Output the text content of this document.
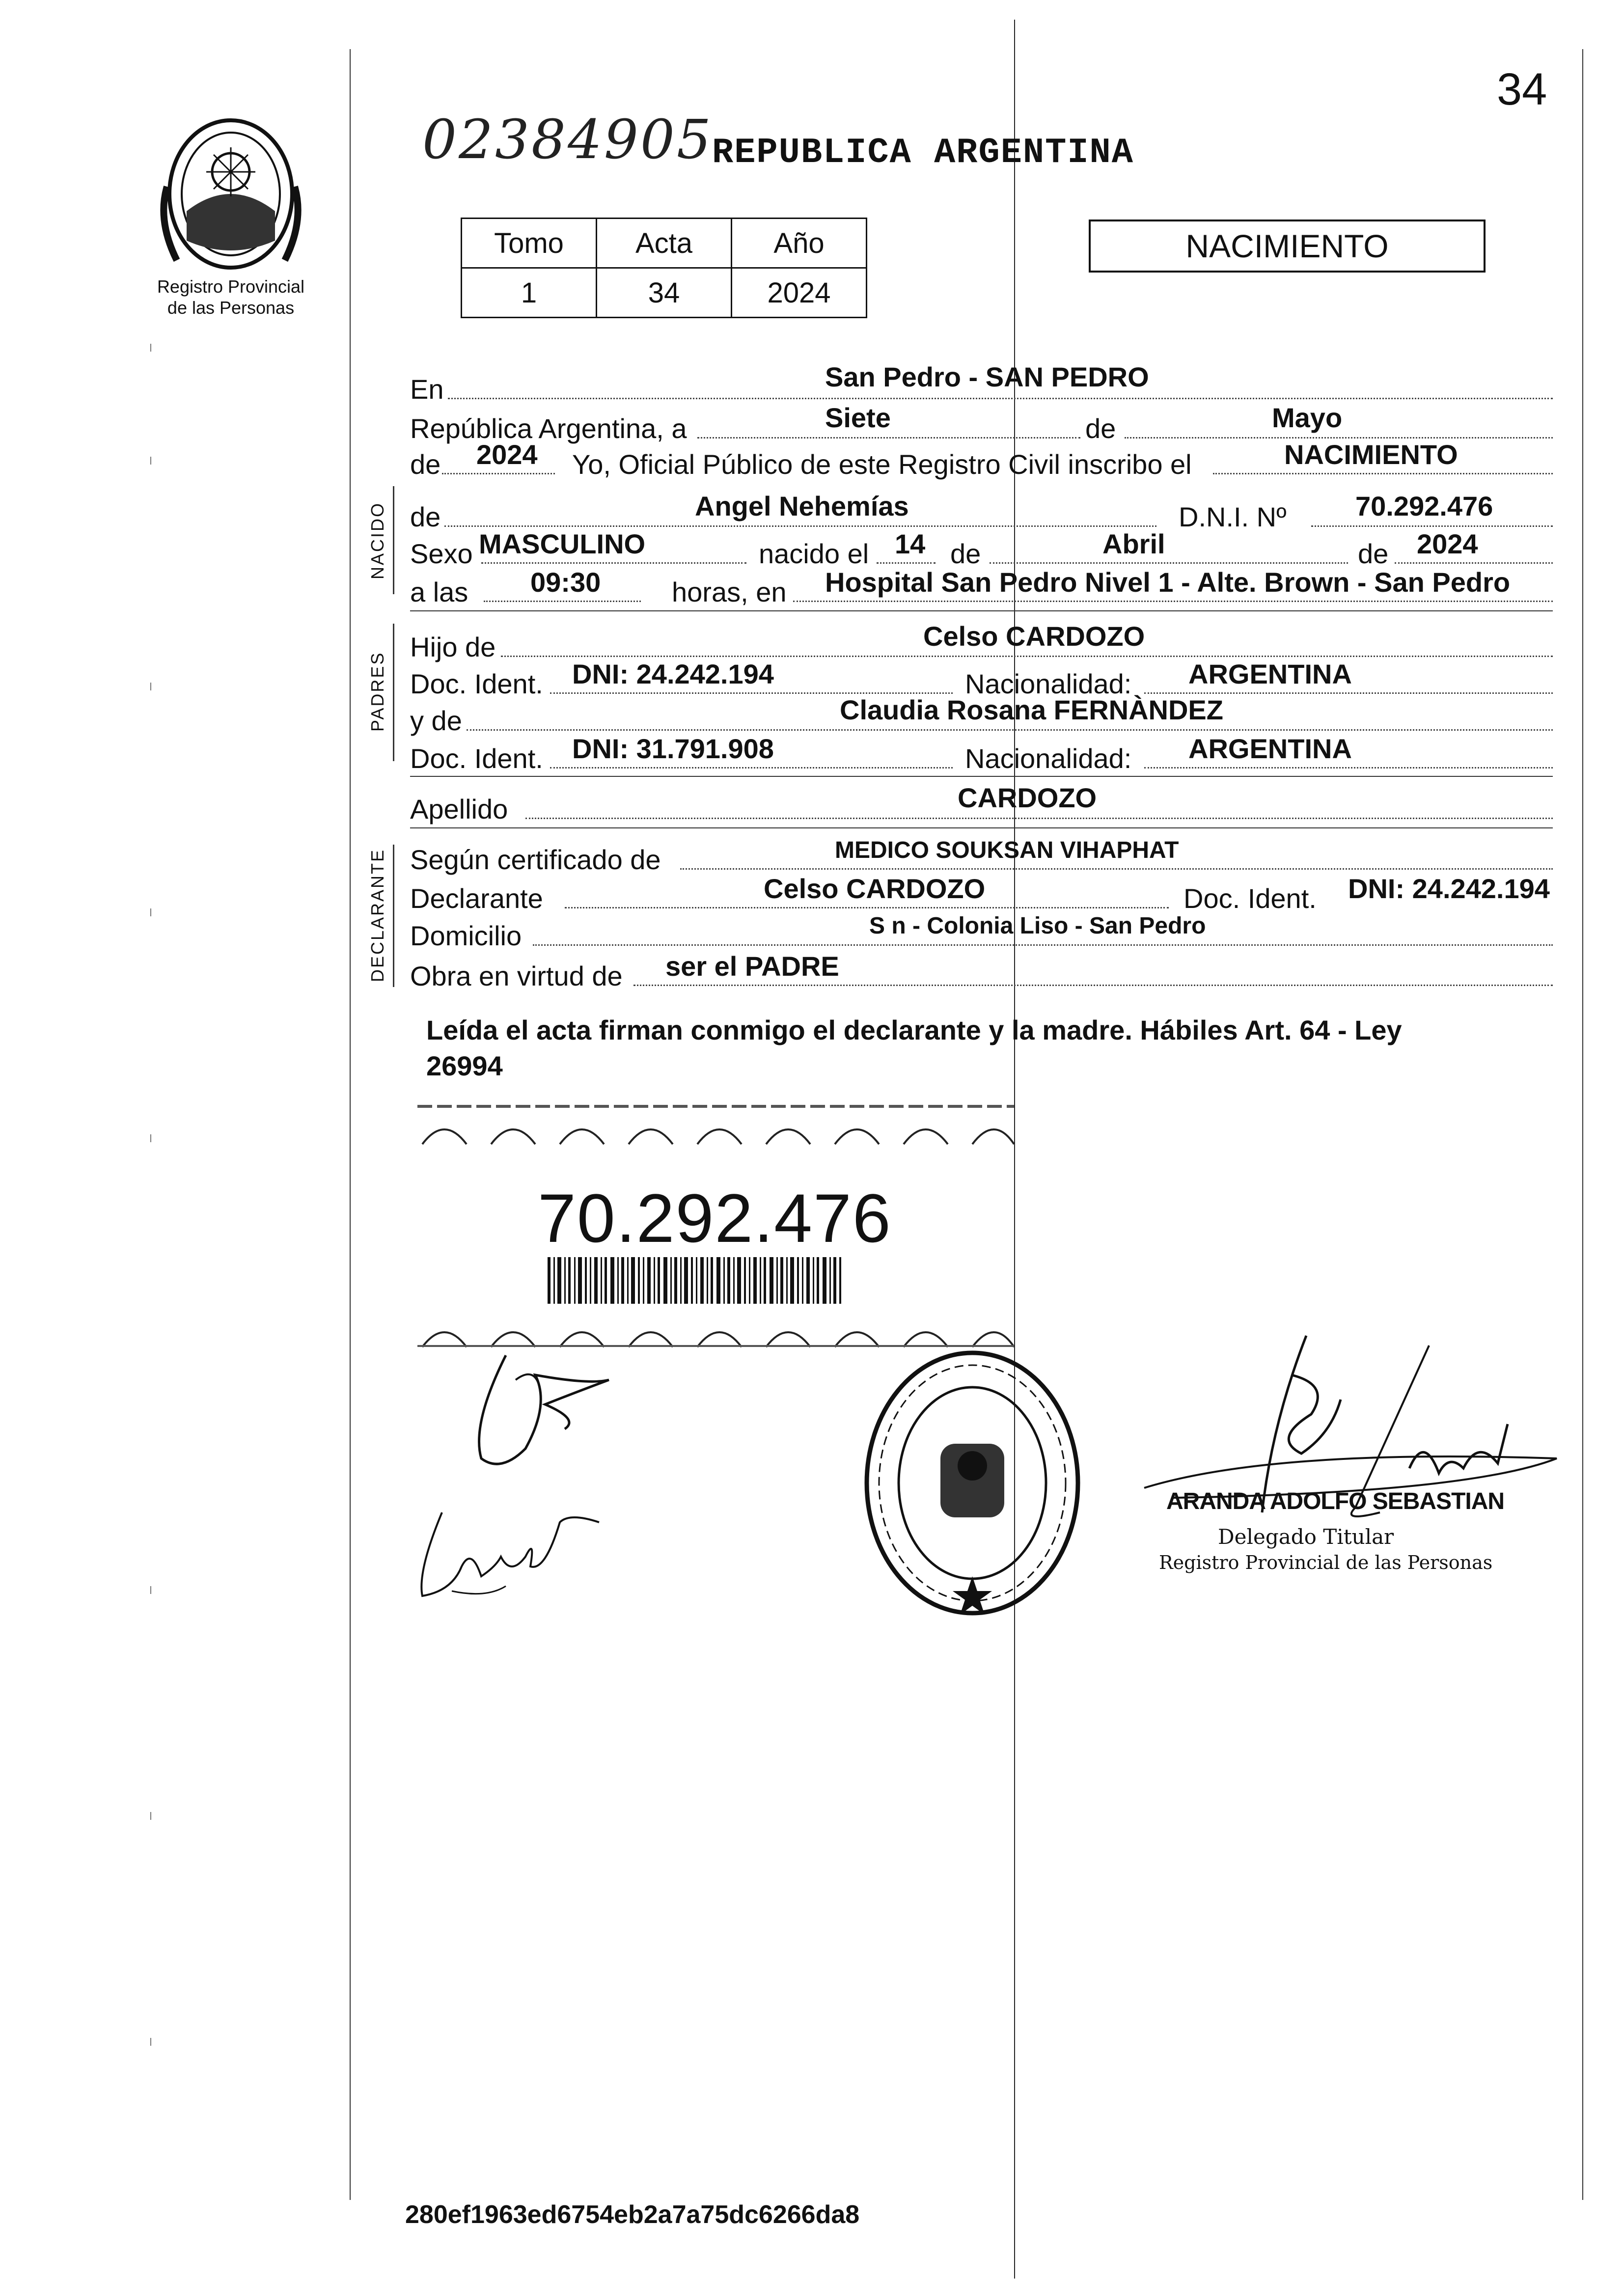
34
Registro Provincial
de las Personas
02384905
REPUBLICA ARGENTINA
Tomo	Acta	Año
1	34	2024
NACIMIENTO
En	San Pedro - SAN PEDRO
República Argentina, a	Siete	de	Mayo
de 2024 Yo, Oficial Público de este Registro Civil inscribo el	NACIMIENTO
NACIDO de	Angel Nehemías	D.N.I. Nº	70.292.476
Sexo MASCULINO	nacido el 14 de	Abril	de 2024
a las 09:30	horas, en Hospital San Pedro Nivel 1 - Alte. Brown - San Pedro
PADRES
Hijo de	Celso CARDOZO
Doc. Ident. DNI: 24.242.194	Nacionalidad: ARGENTINA
y de	Claudia Rosana FERNÀNDEZ
Doc. Ident. DNI: 31.791.908	Nacionalidad: ARGENTINA
Apellido	CARDOZO
DECLARANTE Según certificado de	MEDICO SOUKSAN VIHAPHAT
Declarante	Celso CARDOZO	Doc. Ident. DNI: 24.242.194
Domicilio	S n - Colonia Liso - San Pedro
Obra en virtud de ser el PADRE
Leída el acta firman conmigo el declarante y la madre. Hábiles Art. 64 - Ley
26994
70.292.476
ARANDA ADOLFO SEBASTIAN
Delegado Titular
Registro Provincial de las Personas
280ef1963ed6754eb2a7a75dc6266da8
